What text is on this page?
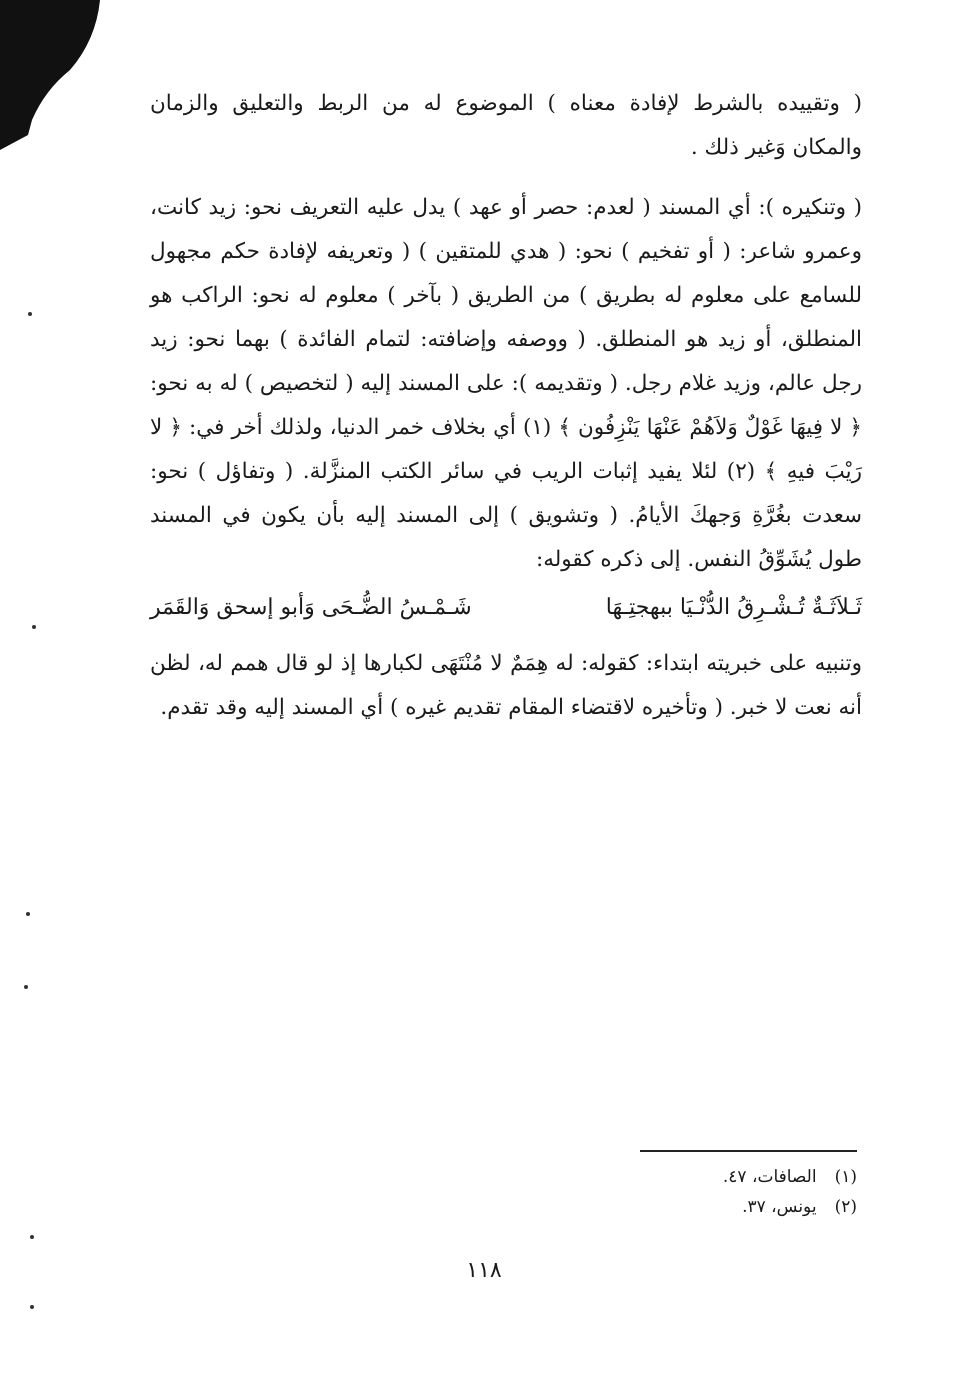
( وتقييده بالشرط لإفادة معناه ) الموضوع له من الربط والتعليق والزمان والمكان وَغير ذلك .

( وتنكيره ): أي المسند ( لعدم: حصر أو عهد ) يدل عليه التعريف نحو: زيد كانت، وعمرو شاعر: ( أو تفخيم ) نحو: ( هدي للمتقين ) ( وتعريفه لإفادة حكم مجهول للسامع على معلوم له بطريق ) من الطريق ( بآخر ) معلوم له نحو: الراكب هو المنطلق، أو زيد هو المنطلق. ( ووصفه وإضافته: لتمام الفائدة ) بهما نحو: زيد رجل عالم، وزيد غلام رجل. ( وتقديمه ): على المسند إليه ( لتخصيص ) له به نحو: ﴿ لا فِيهَا غَوْلٌ وَلاَهُمْ عَنْهَا يَنْزِفُون ﴾ (١) أي بخلاف خمر الدنيا، ولذلك أخر في: ﴿ لا رَيْبَ فيهِ ﴾ (٢) لئلا يفيد إثبات الريب في سائر الكتب المنزَّلة. ( وتفاؤل ) نحو: سعدت بغُرَّةِ وَجهكَ الأيامُ. ( وتشويق ) إلى المسند إليه بأن يكون في المسند طول يُشَوِّقُ النفس. إلى ذكره كقوله:

ثَـلاَثَـةٌ تُـشْـرِقُ الدُّنْـيَا ببهجتِـهَا
شَـمْـسُ الضُّـحَى وَأبو إسحق وَالقَمَر

وتنبيه على خبريته ابتداء: كقوله: له هِمَمٌ لا مُنْتَهَى لكبارها إذ لو قال همم له، لظن أنه نعت لا خبر. ( وتأخيره لاقتضاء المقام تقديم غيره ) أي المسند إليه وقد تقدم.

(١)
الصافات، ٤٧.
(٢)
يونس، ٣٧.
١١٨
